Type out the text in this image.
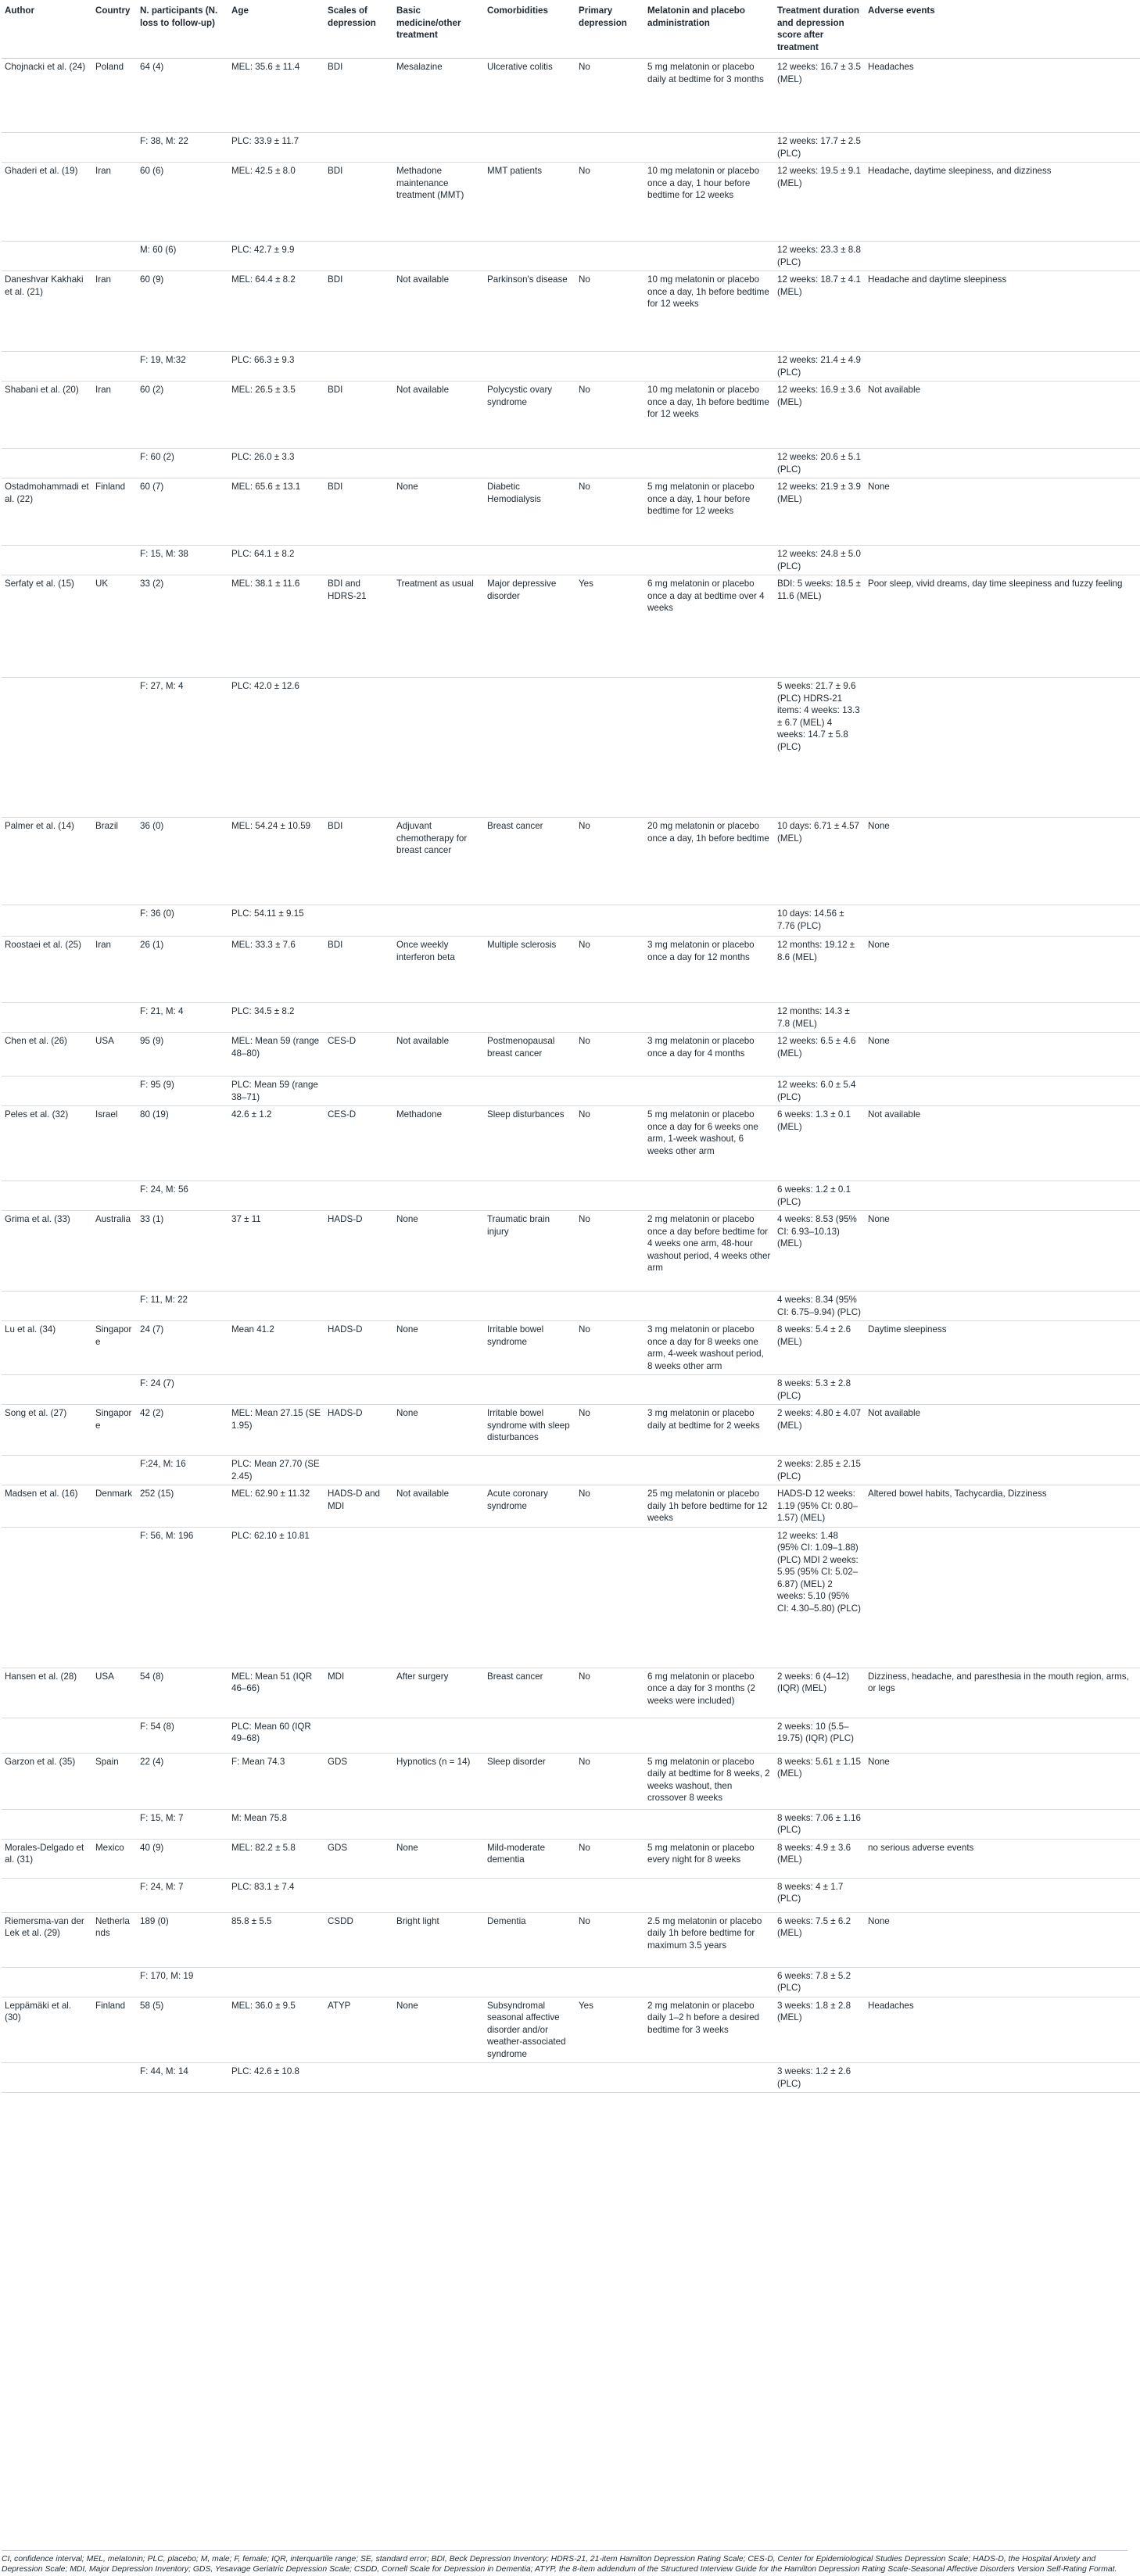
Author	Country	N. participants (N. loss to follow-up)	Age	Scales of depression	Basic medicine/other treatment	Comorbidities	Primary depression	Melatonin and placebo administration	Treatment duration and depression score after treatment	Adverse events
Chojnacki et al. (24)	Poland	64 (4)	MEL: 35.6 ± 11.4	BDI	Mesalazine	Ulcerative colitis	No	5 mg melatonin or placebo daily at bedtime for 3 months	12 weeks: 16.7 ± 3.5 (MEL)	Headaches
		F: 38, M: 22	PLC: 33.9 ± 11.7						12 weeks: 17.7 ± 2.5 (PLC)	
Ghaderi et al. (19)	Iran	60 (6)	MEL: 42.5 ± 8.0	BDI	Methadone maintenance treatment (MMT)	MMT patients	No	10 mg melatonin or placebo once a day, 1 hour before bedtime for 12 weeks	12 weeks: 19.5 ± 9.1 (MEL)	Headache, daytime sleepiness, and dizziness
		M: 60 (6)	PLC: 42.7 ± 9.9						12 weeks: 23.3 ± 8.8 (PLC)	
Daneshvar Kakhaki et al. (21)	Iran	60 (9)	MEL: 64.4 ± 8.2	BDI	Not available	Parkinson's disease	No	10 mg melatonin or placebo once a day, 1h before bedtime for 12 weeks	12 weeks: 18.7 ± 4.1 (MEL)	Headache and daytime sleepiness
		F: 19, M:32	PLC: 66.3 ± 9.3						12 weeks: 21.4 ± 4.9 (PLC)	
Shabani et al. (20)	Iran	60 (2)	MEL: 26.5 ± 3.5	BDI	Not available	Polycystic ovary syndrome	No	10 mg melatonin or placebo once a day, 1h before bedtime for 12 weeks	12 weeks: 16.9 ± 3.6 (MEL)	Not available
		F: 60 (2)	PLC: 26.0 ± 3.3						12 weeks: 20.6 ± 5.1 (PLC)	
Ostadmohammadi et al. (22)	Finland	60 (7)	MEL: 65.6 ± 13.1	BDI	None	Diabetic Hemodialysis	No	5 mg melatonin or placebo once a day, 1 hour before bedtime for 12 weeks	12 weeks: 21.9 ± 3.9 (MEL)	None
		F: 15, M: 38	PLC: 64.1 ± 8.2						12 weeks: 24.8 ± 5.0 (PLC)	
Serfaty et al. (15)	UK	33 (2)	MEL: 38.1 ± 11.6	BDI and HDRS-21	Treatment as usual	Major depressive disorder	Yes	6 mg melatonin or placebo once a day at bedtime over 4 weeks	BDI: 5 weeks: 18.5 ± 11.6 (MEL)	Poor sleep, vivid dreams, day time sleepiness and fuzzy feeling
		F: 27, M: 4	PLC: 42.0 ± 12.6						5 weeks: 21.7 ± 9.6 (PLC) HDRS-21 items: 4 weeks: 13.3 ± 6.7 (MEL) 4 weeks: 14.7 ± 5.8 (PLC)	
Palmer et al. (14)	Brazil	36 (0)	MEL: 54.24 ± 10.59	BDI	Adjuvant chemotherapy for breast cancer	Breast cancer	No	20 mg melatonin or placebo once a day, 1h before bedtime	10 days: 6.71 ± 4.57 (MEL)	None
		F: 36 (0)	PLC: 54.11 ± 9.15						10 days: 14.56 ± 7.76 (PLC)	
Roostaei et al. (25)	Iran	26 (1)	MEL: 33.3 ± 7.6	BDI	Once weekly interferon beta	Multiple sclerosis	No	3 mg melatonin or placebo once a day for 12 months	12 months: 19.12 ± 8.6 (MEL)	None
		F: 21, M: 4	PLC: 34.5 ± 8.2						12 months: 14.3 ± 7.8 (MEL)	
Chen et al. (26)	USA	95 (9)	MEL: Mean 59 (range 48–80)	CES-D	Not available	Postmenopausal breast cancer	No	3 mg melatonin or placebo once a day for 4 months	12 weeks: 6.5 ± 4.6 (MEL)	None
		F: 95 (9)	PLC: Mean 59 (range 38–71)						12 weeks: 6.0 ± 5.4 (PLC)	
Peles et al. (32)	Israel	80 (19)	42.6 ± 1.2	CES-D	Methadone	Sleep disturbances	No	5 mg melatonin or placebo once a day for 6 weeks one arm, 1-week washout, 6 weeks other arm	6 weeks: 1.3 ± 0.1 (MEL)	Not available
		F: 24, M: 56							6 weeks: 1.2 ± 0.1 (PLC)	
Grima et al. (33)	Australia	33 (1)	37 ± 11	HADS-D	None	Traumatic brain injury	No	2 mg melatonin or placebo once a day before bedtime for 4 weeks one arm, 48-hour washout period, 4 weeks other arm	4 weeks: 8.53 (95% CI: 6.93–10.13) (MEL)	None
		F: 11, M: 22							4 weeks: 8.34 (95% CI: 6.75–9.94) (PLC)	
Lu et al. (34)	Singapore	24 (7)	Mean 41.2	HADS-D	None	Irritable bowel syndrome	No	3 mg melatonin or placebo once a day for 8 weeks one arm, 4-week washout period, 8 weeks other arm	8 weeks: 5.4 ± 2.6 (MEL)	Daytime sleepiness
		F: 24 (7)							8 weeks: 5.3 ± 2.8 (PLC)	
Song et al. (27)	Singapore	42 (2)	MEL: Mean 27.15 (SE 1.95)	HADS-D	None	Irritable bowel syndrome with sleep disturbances	No	3 mg melatonin or placebo daily at bedtime for 2 weeks	2 weeks: 4.80 ± 4.07 (MEL)	Not available
		F:24, M: 16	PLC: Mean 27.70 (SE 2.45)						2 weeks: 2.85 ± 2.15 (PLC)	
Madsen et al. (16)	Denmark	252 (15)	MEL: 62.90 ± 11.32	HADS-D and MDI	Not available	Acute coronary syndrome	No	25 mg melatonin or placebo daily 1h before bedtime for 12 weeks	HADS-D 12 weeks: 1.19 (95% CI: 0.80–1.57) (MEL)	Altered bowel habits, Tachycardia, Dizziness
		F: 56, M: 196	PLC: 62.10 ± 10.81						12 weeks: 1.48 (95% CI: 1.09–1.88) (PLC) MDI 2 weeks: 5.95 (95% CI: 5.02–6.87) (MEL) 2 weeks: 5.10 (95% CI: 4.30–5.80) (PLC)	
Hansen et al. (28)	USA	54 (8)	MEL: Mean 51 (IQR 46–66)	MDI	After surgery	Breast cancer	No	6 mg melatonin or placebo once a day for 3 months (2 weeks were included)	2 weeks: 6 (4–12) (IQR) (MEL)	Dizziness, headache, and paresthesia in the mouth region, arms, or legs
		F: 54 (8)	PLC: Mean 60 (IQR 49–68)						2 weeks: 10 (5.5–19.75) (IQR) (PLC)	
Garzon et al. (35)	Spain	22 (4)	F: Mean 74.3	GDS	Hypnotics (n = 14)	Sleep disorder	No	5 mg melatonin or placebo daily at bedtime for 8 weeks, 2 weeks washout, then crossover 8 weeks	8 weeks: 5.61 ± 1.15 (MEL)	None
		F: 15, M: 7	M: Mean 75.8						8 weeks: 7.06 ± 1.16 (PLC)	
Morales-Delgado et al. (31)	Mexico	40 (9)	MEL: 82.2 ± 5.8	GDS	None	Mild-moderate dementia	No	5 mg melatonin or placebo every night for 8 weeks	8 weeks: 4.9 ± 3.6 (MEL)	no serious adverse events
		F: 24, M: 7	PLC: 83.1 ± 7.4						8 weeks: 4 ± 1.7 (PLC)	
Riemersma-van der Lek et al. (29)	Netherlands	189 (0)	85.8 ± 5.5	CSDD	Bright light	Dementia	No	2.5 mg melatonin or placebo daily 1h before bedtime for maximum 3.5 years	6 weeks: 7.5 ± 6.2 (MEL)	None
		F: 170, M: 19							6 weeks: 7.8 ± 5.2 (PLC)	
Leppämäki et al. (30)	Finland	58 (5)	MEL: 36.0 ± 9.5	ATYP	None	Subsyndromal seasonal affective disorder and/or weather-associated syndrome	Yes	2 mg melatonin or placebo daily 1–2 h before a desired bedtime for 3 weeks	3 weeks: 1.8 ± 2.8 (MEL)	Headaches
		F: 44, M: 14	PLC: 42.6 ± 10.8						3 weeks: 1.2 ± 2.6 (PLC)	
CI, confidence interval; MEL, melatonin; PLC, placebo; M, male; F, female; IQR, interquartile range; SE, standard error; BDI, Beck Depression Inventory; HDRS-21, 21-item Hamilton Depression Rating Scale; CES-D, Center for Epidemiological Studies Depression Scale; HADS-D, the Hospital Anxiety and Depression Scale; MDI, Major Depression Inventory; GDS, Yesavage Geriatric Depression Scale; CSDD, Cornell Scale for Depression in Dementia; ATYP, the 8-item addendum of the Structured Interview Guide for the Hamilton Depression Rating Scale-Seasonal Affective Disorders Version Self-Rating Format.
